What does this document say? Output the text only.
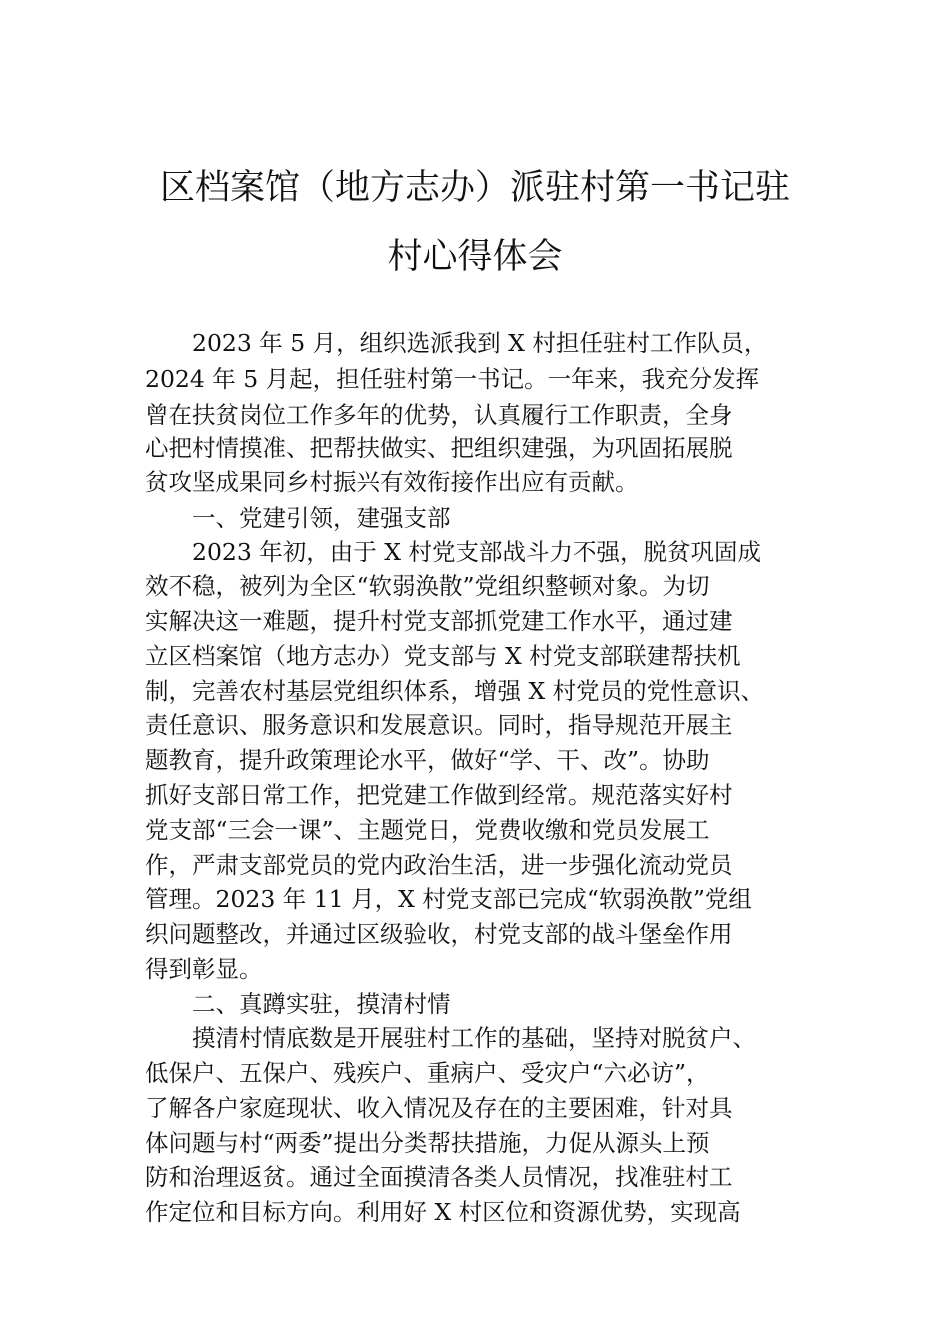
区档案馆（地方志办）派驻村第一书记驻
村心得体会
2023 年 5 月，组织选派我到 X 村担任驻村工作队员，
2024 年 5 月起，担任驻村第一书记。一年来，我充分发挥
曾在扶贫岗位工作多年的优势，认真履行工作职责，全身
心把村情摸准、把帮扶做实、把组织建强，为巩固拓展脱
贫攻坚成果同乡村振兴有效衔接作出应有贡献。
一、党建引领，建强支部
2023 年初，由于 X 村党支部战斗力不强，脱贫巩固成
效不稳，被列为全区“软弱涣散”党组织整顿对象。为切
实解决这一难题，提升村党支部抓党建工作水平，通过建
立区档案馆（地方志办）党支部与 X 村党支部联建帮扶机
制，完善农村基层党组织体系，增强 X 村党员的党性意识、
责任意识、服务意识和发展意识。同时，指导规范开展主
题教育，提升政策理论水平，做好“学、干、改”。协助
抓好支部日常工作，把党建工作做到经常。规范落实好村
党支部“三会一课”、主题党日，党费收缴和党员发展工
作，严肃支部党员的党内政治生活，进一步强化流动党员
管理。2023 年 11 月，X 村党支部已完成“软弱涣散”党组
织问题整改，并通过区级验收，村党支部的战斗堡垒作用
得到彰显。
二、真蹲实驻，摸清村情
摸清村情底数是开展驻村工作的基础，坚持对脱贫户、
低保户、五保户、残疾户、重病户、受灾户“六必访”，
了解各户家庭现状、收入情况及存在的主要困难，针对具
体问题与村“两委”提出分类帮扶措施，力促从源头上预
防和治理返贫。通过全面摸清各类人员情况，找准驻村工
作定位和目标方向。利用好 X 村区位和资源优势，实现高
